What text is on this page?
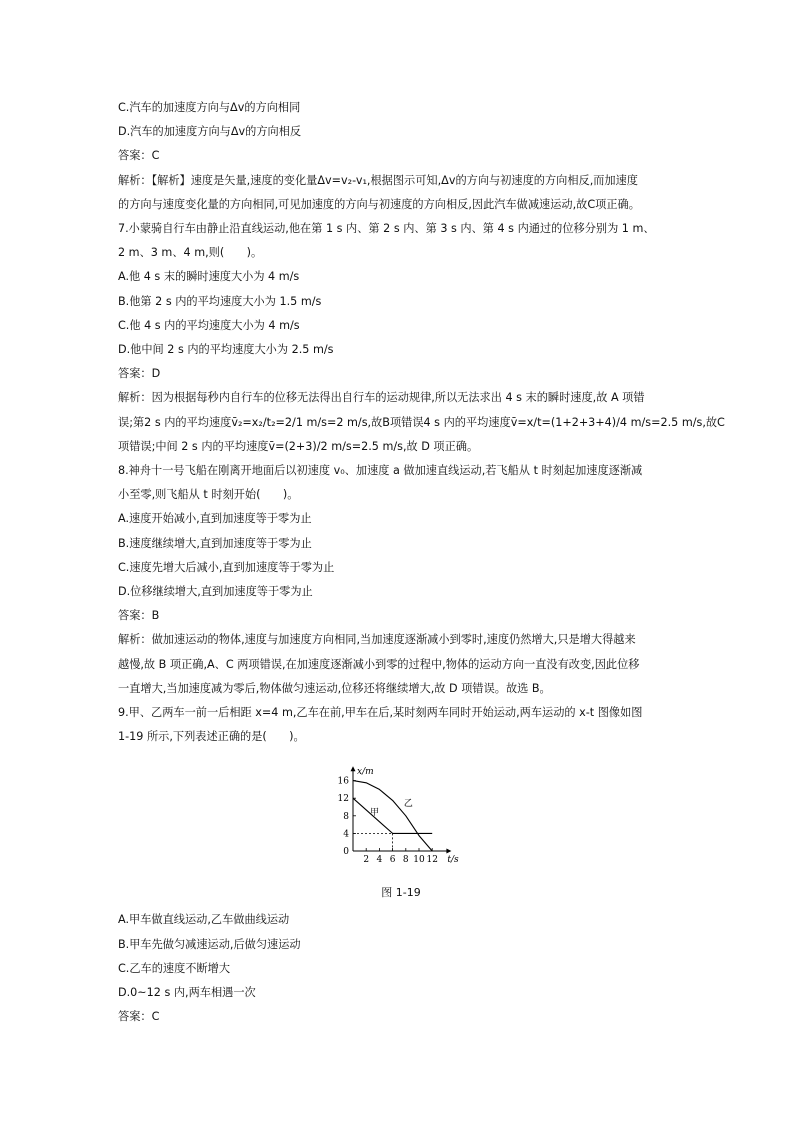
C.汽车的加速度方向与Δv的方向相同
D.汽车的加速度方向与Δv的方向相反
答案：C
解析：【解析】速度是矢量,速度的变化量Δv=v₂-v₁,根据图示可知,Δv的方向与初速度的方向相反,而加速度
的方向与速度变化量的方向相同,可见加速度的方向与初速度的方向相反,因此汽车做减速运动,故C项正确。
7.小蒙骑自行车由静止沿直线运动,他在第 1 s 内、第 2 s 内、第 3 s 内、第 4 s 内通过的位移分别为 1 m、
2 m、3 m、4 m,则(　　)。
A.他 4 s 末的瞬时速度大小为 4 m/s
B.他第 2 s 内的平均速度大小为 1.5 m/s
C.他 4 s 内的平均速度大小为 4 m/s
D.他中间 2 s 内的平均速度大小为 2.5 m/s
答案：D
解析：因为根据每秒内自行车的位移无法得出自行车的运动规律,所以无法求出 4 s 末的瞬时速度,故 A 项错
误;第2 s 内的平均速度v̄₂=x₂/t₂=2/1 m/s=2 m/s,故B项错误4 s 内的平均速度v̄=x/t=(1+2+3+4)/4 m/s=2.5 m/s,故C
项错误;中间 2 s 内的平均速度v̄=(2+3)/2 m/s=2.5 m/s,故 D 项正确。
8.神舟十一号飞船在刚离开地面后以初速度 v₀、加速度 a 做加速直线运动,若飞船从 t 时刻起加速度逐渐减
小至零,则飞船从 t 时刻开始(　　)。
A.速度开始减小,直到加速度等于零为止
B.速度继续增大,直到加速度等于零为止
C.速度先增大后减小,直到加速度等于零为止
D.位移继续增大,直到加速度等于零为止
答案：B
解析：做加速运动的物体,速度与加速度方向相同,当加速度逐渐减小到零时,速度仍然增大,只是增大得越来
越慢,故 B 项正确,A、C 两项错误,在加速度逐渐减小到零的过程中,物体的运动方向一直没有改变,因此位移
一直增大,当加速度减为零后,物体做匀速运动,位移还将继续增大,故 D 项错误。故选 B。
9.甲、乙两车一前一后相距 x=4 m,乙车在前,甲车在后,某时刻两车同时开始运动,两车运动的 x-t 图像如图
1-19 所示,下列表述正确的是(　　)。
x/m
t/s
2 4 6 8 10 12
16
12
8
4
0
甲
乙
图 1-19
A.甲车做直线运动,乙车做曲线运动
B.甲车先做匀减速运动,后做匀速运动
C.乙车的速度不断增大
D.0~12 s 内,两车相遇一次
答案：C
